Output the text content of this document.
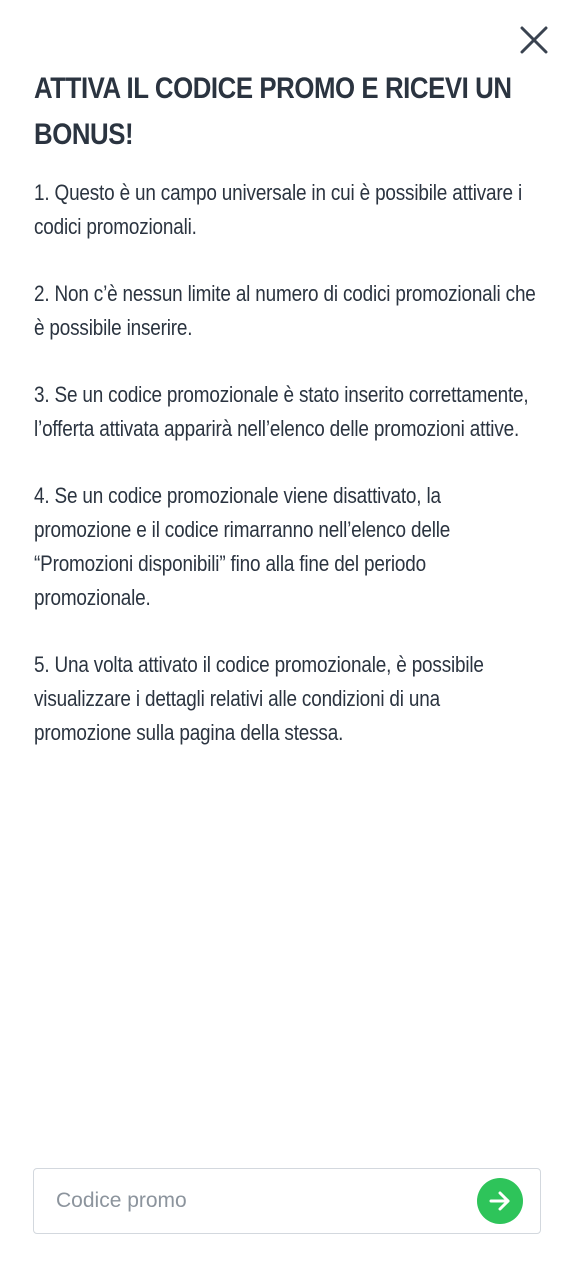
ATTIVA IL CODICE PROMO E RICEVI UN BONUS!
1. Questo è un campo universale in cui è possibile attivare i codici promozionali.
2. Non c’è nessun limite al numero di codici promozionali che è possibile inserire.
3. Se un codice promozionale è stato inserito correttamente, l’offerta attivata apparirà nell’elenco delle promozioni attive.
4. Se un codice promozionale viene disattivato, la promozione e il codice rimarranno nell’elenco delle “Promozioni disponibili” fino alla fine del periodo promozionale.
5. Una volta attivato il codice promozionale, è possibile visualizzare i dettagli relativi alle condizioni di una promozione sulla pagina della stessa.
Codice promo
